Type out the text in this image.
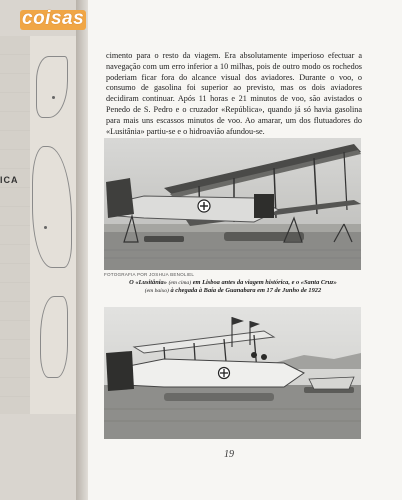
ICA
coisas
cimento para o resto da viagem. Era absolutamente imperioso efectuar a navegação com um erro inferior a 10 milhas, pois de outro modo os rochedos poderiam ficar fora do alcance visual dos aviadores. Durante o voo, o consumo de gasolina foi superior ao previsto, mas os dois aviadores decidiram continuar. Após 11 horas e 21 minutos de voo, são avistados o Penedo de S. Pedro e o cruzador «República», quando já só havia gasolina para mais uns escassos minutos de voo. Ao amarar, um dos flutuadores do «Lusitânia» partiu-se e o hidroavião afundou-se.
FOTOGRAFIA POR JOSHUA BENOLIEL
O «Lusitânia» (em cima) em Lisboa antes da viagem histórica, e o «Santa Cruz»
(em baixo) à chegada à Baía de Guanabara em 17 de Junho de 1922
19
